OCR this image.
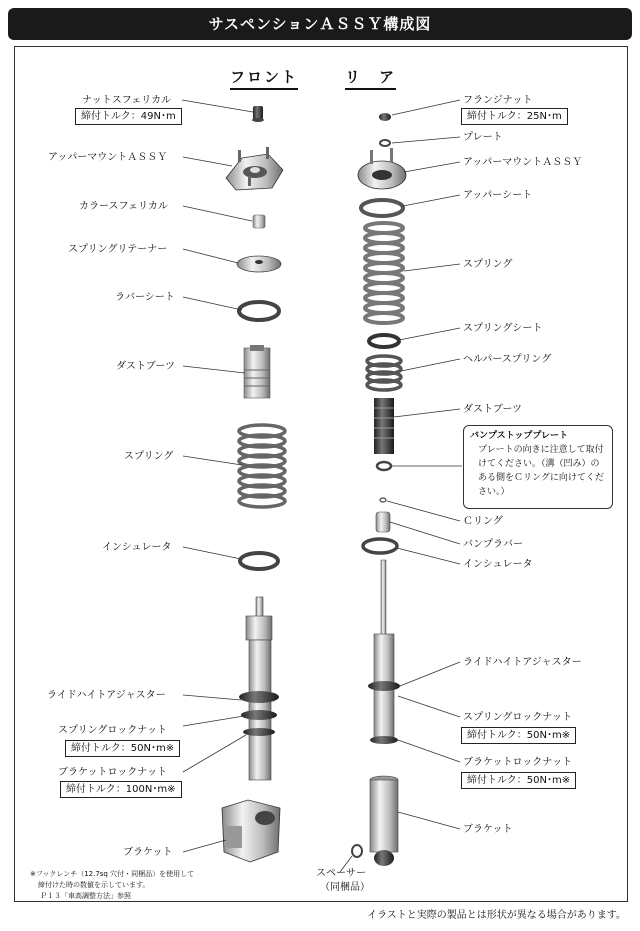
サスペンションＡＳＳＹ構成図
フロント	リ　ア
ナットスフェリカル
締付トルク：49N･m
アッパーマウントＡＳＳＹ
カラースフェリカル
スプリングリテーナー
ラバーシート
ダストブーツ
スプリング
インシュレータ
ライドハイトアジャスター
スプリングロックナット
締付トルク：50N･m※
ブラケットロックナット
締付トルク：100N･m※
ブラケット
フランジナット
締付トルク：25N･m
プレート
アッパーマウントＡＳＳＹ
アッパーシート
スプリング
スプリングシート
ヘルパースプリング
ダストブーツ
バンプストッププレート
プレートの向きに注意して取付
けてください。（溝（凹み）の
ある側をＣリングに向けてくだ
さい。）
Ｃリング
バンプラバー
インシュレータ
ライドハイトアジャスター
スプリングロックナット
締付トルク：50N･m※
ブラケットロックナット
締付トルク：50N･m※
ブラケット
スペーサー
（同梱品）
※フックレンチ（12.7sq 穴付・同梱品）を使用して
締付けた時の数値を示しています。
Ｐ１３「車高調整方法」参照
イラストと実際の製品とは形状が異なる場合があります。
